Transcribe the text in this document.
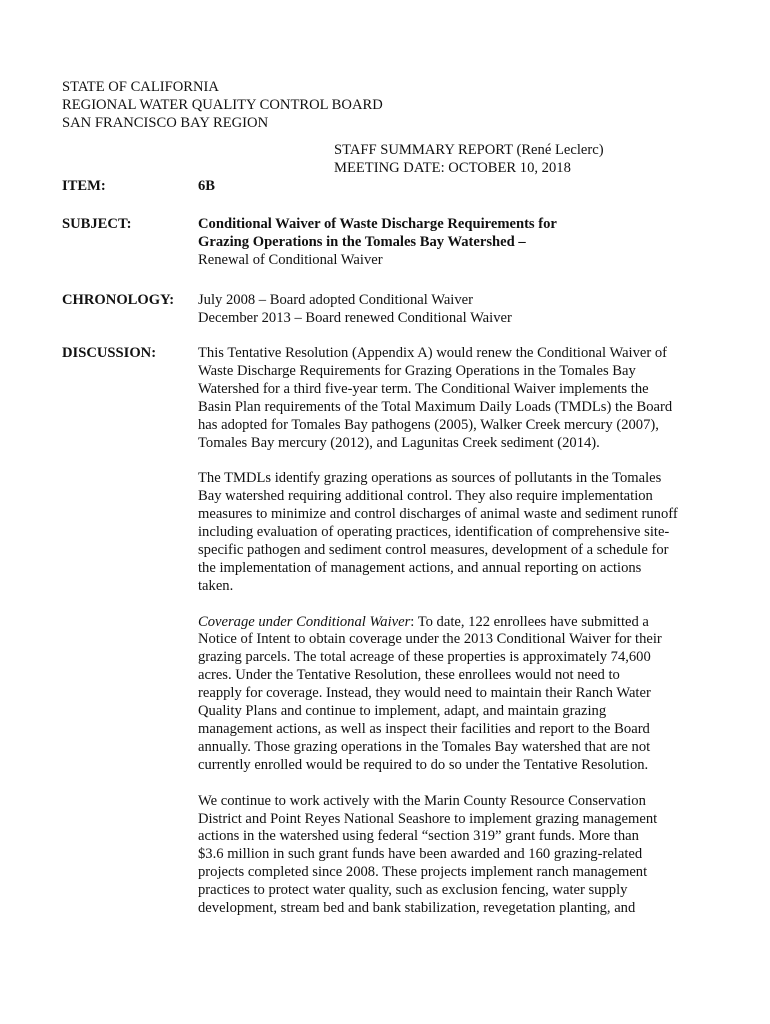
STATE OF CALIFORNIA
REGIONAL WATER QUALITY CONTROL BOARD
SAN FRANCISCO BAY REGION
STAFF SUMMARY REPORT (René Leclerc)
MEETING DATE: OCTOBER 10, 2018
ITEM:	6B
SUBJECT:	Conditional Waiver of Waste Discharge Requirements for
Grazing Operations in the Tomales Bay Watershed –
Renewal of Conditional Waiver
CHRONOLOGY: July 2008 – Board adopted Conditional Waiver
December 2013 – Board renewed Conditional Waiver
DISCUSSION:	This Tentative Resolution (Appendix A) would renew the Conditional Waiver of
Waste Discharge Requirements for Grazing Operations in the Tomales Bay
Watershed for a third five-year term. The Conditional Waiver implements the
Basin Plan requirements of the Total Maximum Daily Loads (TMDLs) the Board
has adopted for Tomales Bay pathogens (2005), Walker Creek mercury (2007),
Tomales Bay mercury (2012), and Lagunitas Creek sediment (2014).
The TMDLs identify grazing operations as sources of pollutants in the Tomales
Bay watershed requiring additional control. They also require implementation
measures to minimize and control discharges of animal waste and sediment runoff
including evaluation of operating practices, identification of comprehensive site-
specific pathogen and sediment control measures, development of a schedule for
the implementation of management actions, and annual reporting on actions
taken.
Coverage under Conditional Waiver: To date, 122 enrollees have submitted a
Notice of Intent to obtain coverage under the 2013 Conditional Waiver for their
grazing parcels. The total acreage of these properties is approximately 74,600
acres. Under the Tentative Resolution, these enrollees would not need to
reapply for coverage. Instead, they would need to maintain their Ranch Water
Quality Plans and continue to implement, adapt, and maintain grazing
management actions, as well as inspect their facilities and report to the Board
annually. Those grazing operations in the Tomales Bay watershed that are not
currently enrolled would be required to do so under the Tentative Resolution.
We continue to work actively with the Marin County Resource Conservation
District and Point Reyes National Seashore to implement grazing management
actions in the watershed using federal “section 319” grant funds. More than
$3.6 million in such grant funds have been awarded and 160 grazing-related
projects completed since 2008. These projects implement ranch management
practices to protect water quality, such as exclusion fencing, water supply
development, stream bed and bank stabilization, revegetation planting, and
